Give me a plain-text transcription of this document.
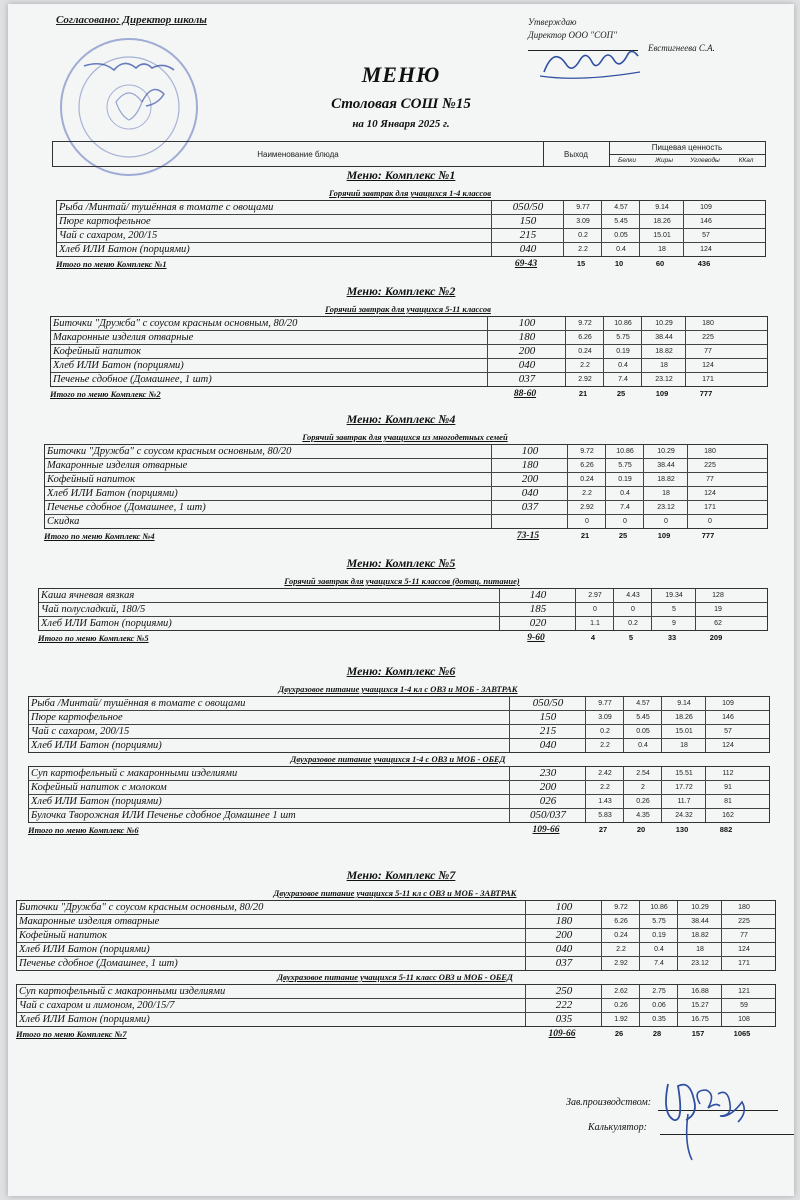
Согласовано: Директор школы	Утверждаю
Директор ООО "СОП"
Евстигнеева С.А.
МЕНЮ
Столовая СОШ №15
на 10 Января 2025 г.
Наименование блюда	Выход
Пищевая ценность
Белки	Жиры	Углеводы	ККал
Меню: Комплекс №1
Горячий завтрак для учащихся 1-4 классов
Рыба /Минтай/ тушённая в томате с овощами	050/50	9.77	4.57	9.14	109
Пюре картофельное	150	3.09	5.45	18.26	146
Чай с сахаром, 200/15	215	0.2	0.05	15.01	57
Хлеб ИЛИ Батон (порциями)	040	2.2	0.4	18	124
Итого по меню Комплекс №1	69-43	15	10	60	436
Меню: Комплекс №2
Горячий завтрак для учащихся 5-11 классов
Биточки "Дружба" с соусом красным основным, 80/20	100	9.72	10.86	10.29	180
Макаронные изделия отварные	180	6.26	5.75	38.44	225
Кофейный напиток	200	0.24	0.19	18.82	77
Хлеб ИЛИ Батон (порциями)	040	2.2	0.4	18	124
Печенье сдобное (Домашнее, 1 шт)	037	2.92	7.4	23.12	171
Итого по меню Комплекс №2	88-60	21	25	109	777
Меню: Комплекс №4
Горячий завтрак для учащихся из многодетных семей
Биточки "Дружба" с соусом красным основным, 80/20	100	9.72	10.86	10.29	180
Макаронные изделия отварные	180	6.26	5.75	38.44	225
Кофейный напиток	200	0.24	0.19	18.82	77
Хлеб ИЛИ Батон (порциями)	040	2.2	0.4	18	124
Печенье сдобное (Домашнее, 1 шт)	037	2.92	7.4	23.12	171
Скидка	0	0	0	0
Итого по меню Комплекс №4	73-15	21	25	109	777
Меню: Комплекс №5
Горячий завтрак для учащихся 5-11 классов (дотац. питание)
Каша ячневая вязкая	140	2.97	4.43	19.34	128
Чай полусладкий, 180/5	185	0	0	5	19
Хлеб ИЛИ Батон (порциями)	020	1.1	0.2	9	62
Итого по меню Комплекс №5	9-60	4	5	33	209
Меню: Комплекс №6
Двухразовое питание учащихся 1-4 кл с ОВЗ и МОБ - ЗАВТРАК
Рыба /Минтай/ тушённая в томате с овощами	050/50	9.77	4.57	9.14	109
Пюре картофельное	150	3.09	5.45	18.26	146
Чай с сахаром, 200/15	215	0.2	0.05	15.01	57
Хлеб ИЛИ Батон (порциями)	040	2.2	0.4	18	124
Двухразовое питание учащихся 1-4 с ОВЗ и МОБ - ОБЕД
Суп картофельный с макаронными изделиями	230	2.42	2.54	15.51	112
Кофейный напиток с молоком	200	2.2	2	17.72	91
Хлеб ИЛИ Батон (порциями)	026	1.43	0.26	11.7	81
Булочка Творожная ИЛИ Печенье сдобное Домашнее 1 шт	050/037	5.83	4.35	24.32	162
Итого по меню Комплекс №6	109-66	27	20	130	882
Меню: Комплекс №7
Двухразовое питание учащихся 5-11 кл с ОВЗ и МОБ - ЗАВТРАК
Биточки "Дружба" с соусом красным основным, 80/20	100	9.72	10.86	10.29	180
Макаронные изделия отварные	180	6.26	5.75	38.44	225
Кофейный напиток	200	0.24	0.19	18.82	77
Хлеб ИЛИ Батон (порциями)	040	2.2	0.4	18	124
Печенье сдобное (Домашнее, 1 шт)	037	2.92	7.4	23.12	171
Двухразовое питание учащихся 5-11 класс ОВЗ и МОБ - ОБЕД
Суп картофельный с макаронными изделиями	250	2.62	2.75	16.88	121
Чай с сахаром и лимоном, 200/15/7	222	0.26	0.06	15.27	59
Хлеб ИЛИ Батон (порциями)	035	1.92	0.35	16.75	108
Итого по меню Комплекс №7	109-66	26	28	157	1065
Зав.производством:
Калькулятор:
